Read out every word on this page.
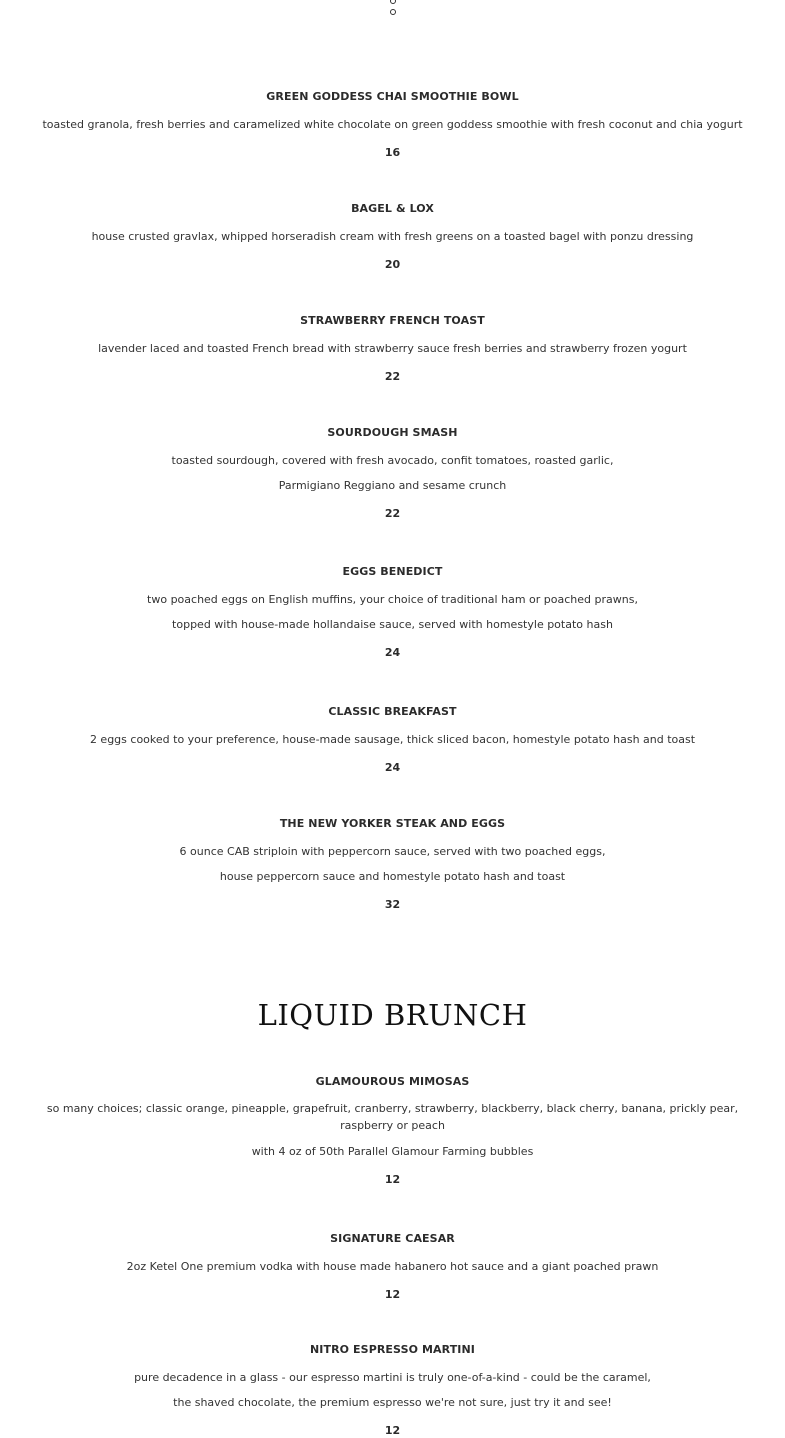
GREEN GODDESS CHAI SMOOTHIE BOWL
toasted granola, fresh berries and caramelized white chocolate on green goddess smoothie with fresh coconut and chia yogurt
16
BAGEL & LOX
house crusted gravlax, whipped horseradish cream with fresh greens on a toasted bagel with ponzu dressing
20
STRAWBERRY FRENCH TOAST
lavender laced and toasted French bread with strawberry sauce fresh berries and strawberry frozen yogurt
22
SOURDOUGH SMASH
toasted sourdough, covered with fresh avocado, confit tomatoes, roasted garlic,
Parmigiano Reggiano and sesame crunch
22
EGGS BENEDICT
two poached eggs on English muffins, your choice of traditional ham or poached prawns,
topped with house-made hollandaise sauce, served with homestyle potato hash
24
CLASSIC BREAKFAST
2 eggs cooked to your preference, house-made sausage, thick sliced bacon, homestyle potato hash and toast
24
THE NEW YORKER STEAK AND EGGS
6 ounce CAB striploin with peppercorn sauce, served with two poached eggs,
house peppercorn sauce and homestyle potato hash and toast
32
LIQUID BRUNCH
GLAMOUROUS MIMOSAS
so many choices; classic orange, pineapple, grapefruit, cranberry, strawberry, blackberry, black cherry, banana, prickly pear, raspberry or peach
with 4 oz of 50th Parallel Glamour Farming bubbles
12
SIGNATURE CAESAR
2oz Ketel One premium vodka with house made habanero hot sauce and a giant poached prawn
12
NITRO ESPRESSO MARTINI
pure decadence in a glass - our espresso martini is truly one-of-a-kind - could be the caramel,
the shaved chocolate, the premium espresso we're not sure, just try it and see!
12
